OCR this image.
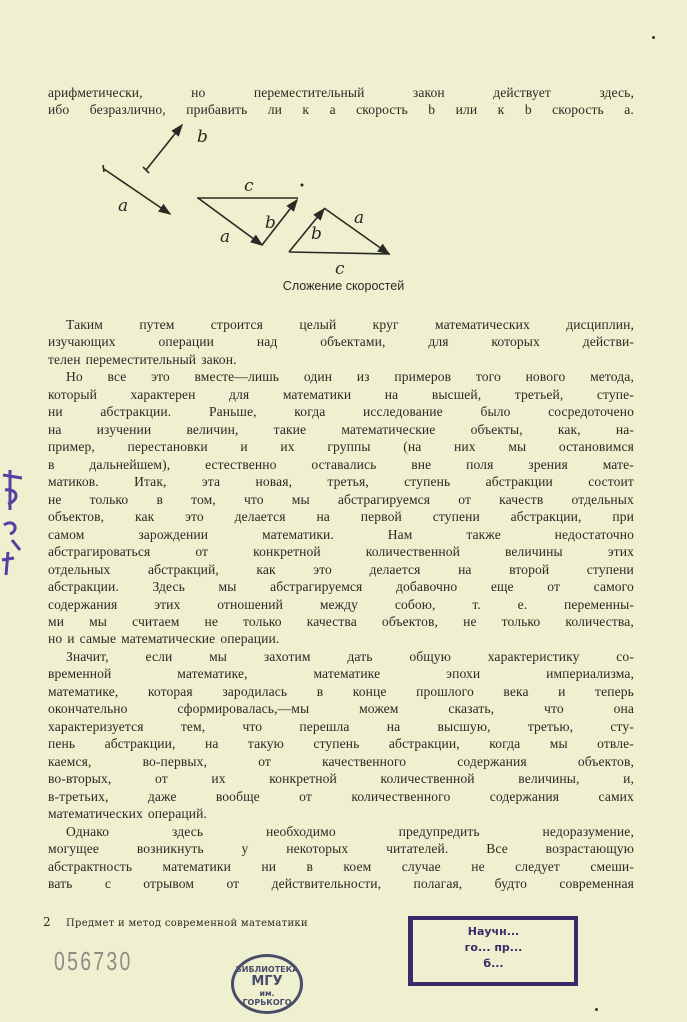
арифметически,	но	переместительный	закон	действует	здесь,
ибо безразлично, прибавить ли к a скорость b или к b скорость a.
Таким	путем	строится	целый	круг	математических	дисциплин,
изучающих	операции	над	объектами,	для	которых	действи-
телен переместительный закон.
Но все это вместе—лишь один из примеров того нового метода,
который характерен для математики на высшей, третьей, ступе-
ни	абстракции.	Раньше,	когда	исследование	было	сосредоточено
на	изучении	величин,	такие	математические	объекты,	как,	на-
пример, перестановки и их группы (на них мы остановимся
в	дальнейшем),	естественно	оставались	вне	поля	зрения	мате-
матиков.	Итак,	эта	новая,	третья,	ступень	абстракции	состоит
не только в том, что мы абстрагируемся от качеств отдельных
объектов, как это делается на первой ступени абстракции, при
самом	зарождении	математики.	Нам	также	недостаточно
абстрагироваться	от	конкретной	количественной	величины	этих
отдельных	абстракций,	как	это	делается	на	второй	ступени
абстракции. Здесь мы абстрагируемся добавочно еще от самого
содержания	этих	отношений	между	собою,	т.	е.	переменны-
ми мы считаем не только качества объектов, не только количества,
но и самые математические операции.
Значит,	если	мы	захотим	дать	общую	характеристику	со-
временной	математике,	математике	эпохи	империализма,
математике, которая зародилась в конце прошлого века и теперь
окончательно	сформировалась,—мы	можем	сказать,	что	она
характеризуется	тем,	что	перешла	на	высшую,	третью,	сту-
пень абстракции, на такую ступень абстракции, когда мы отвле-
каемся,	во-первых,	от	качественного	содержания	объектов,
во-вторых,	от	их	конкретной	количественной	величины,	и,
в-третьих,	даже	вообще	от	количественного	содержания	самих
математических операций.
Однако	здесь	необходимо	предупредить	недоразумение,
могущее	возникнуть	у	некоторых	читателей.	Все	возрастающую
абстрактность математики ни в коем случае не следует смеши-
вать с отрывом от действительности, полагая, будто современная
b
a
c
b
a	b
a
c
Сложение скоростей
2 Предмет и метод современной математики
056730	БИБЛИОТЕКА
МГУ
им. ГОРЬКОГО
Научн...
го... пр...
б...
